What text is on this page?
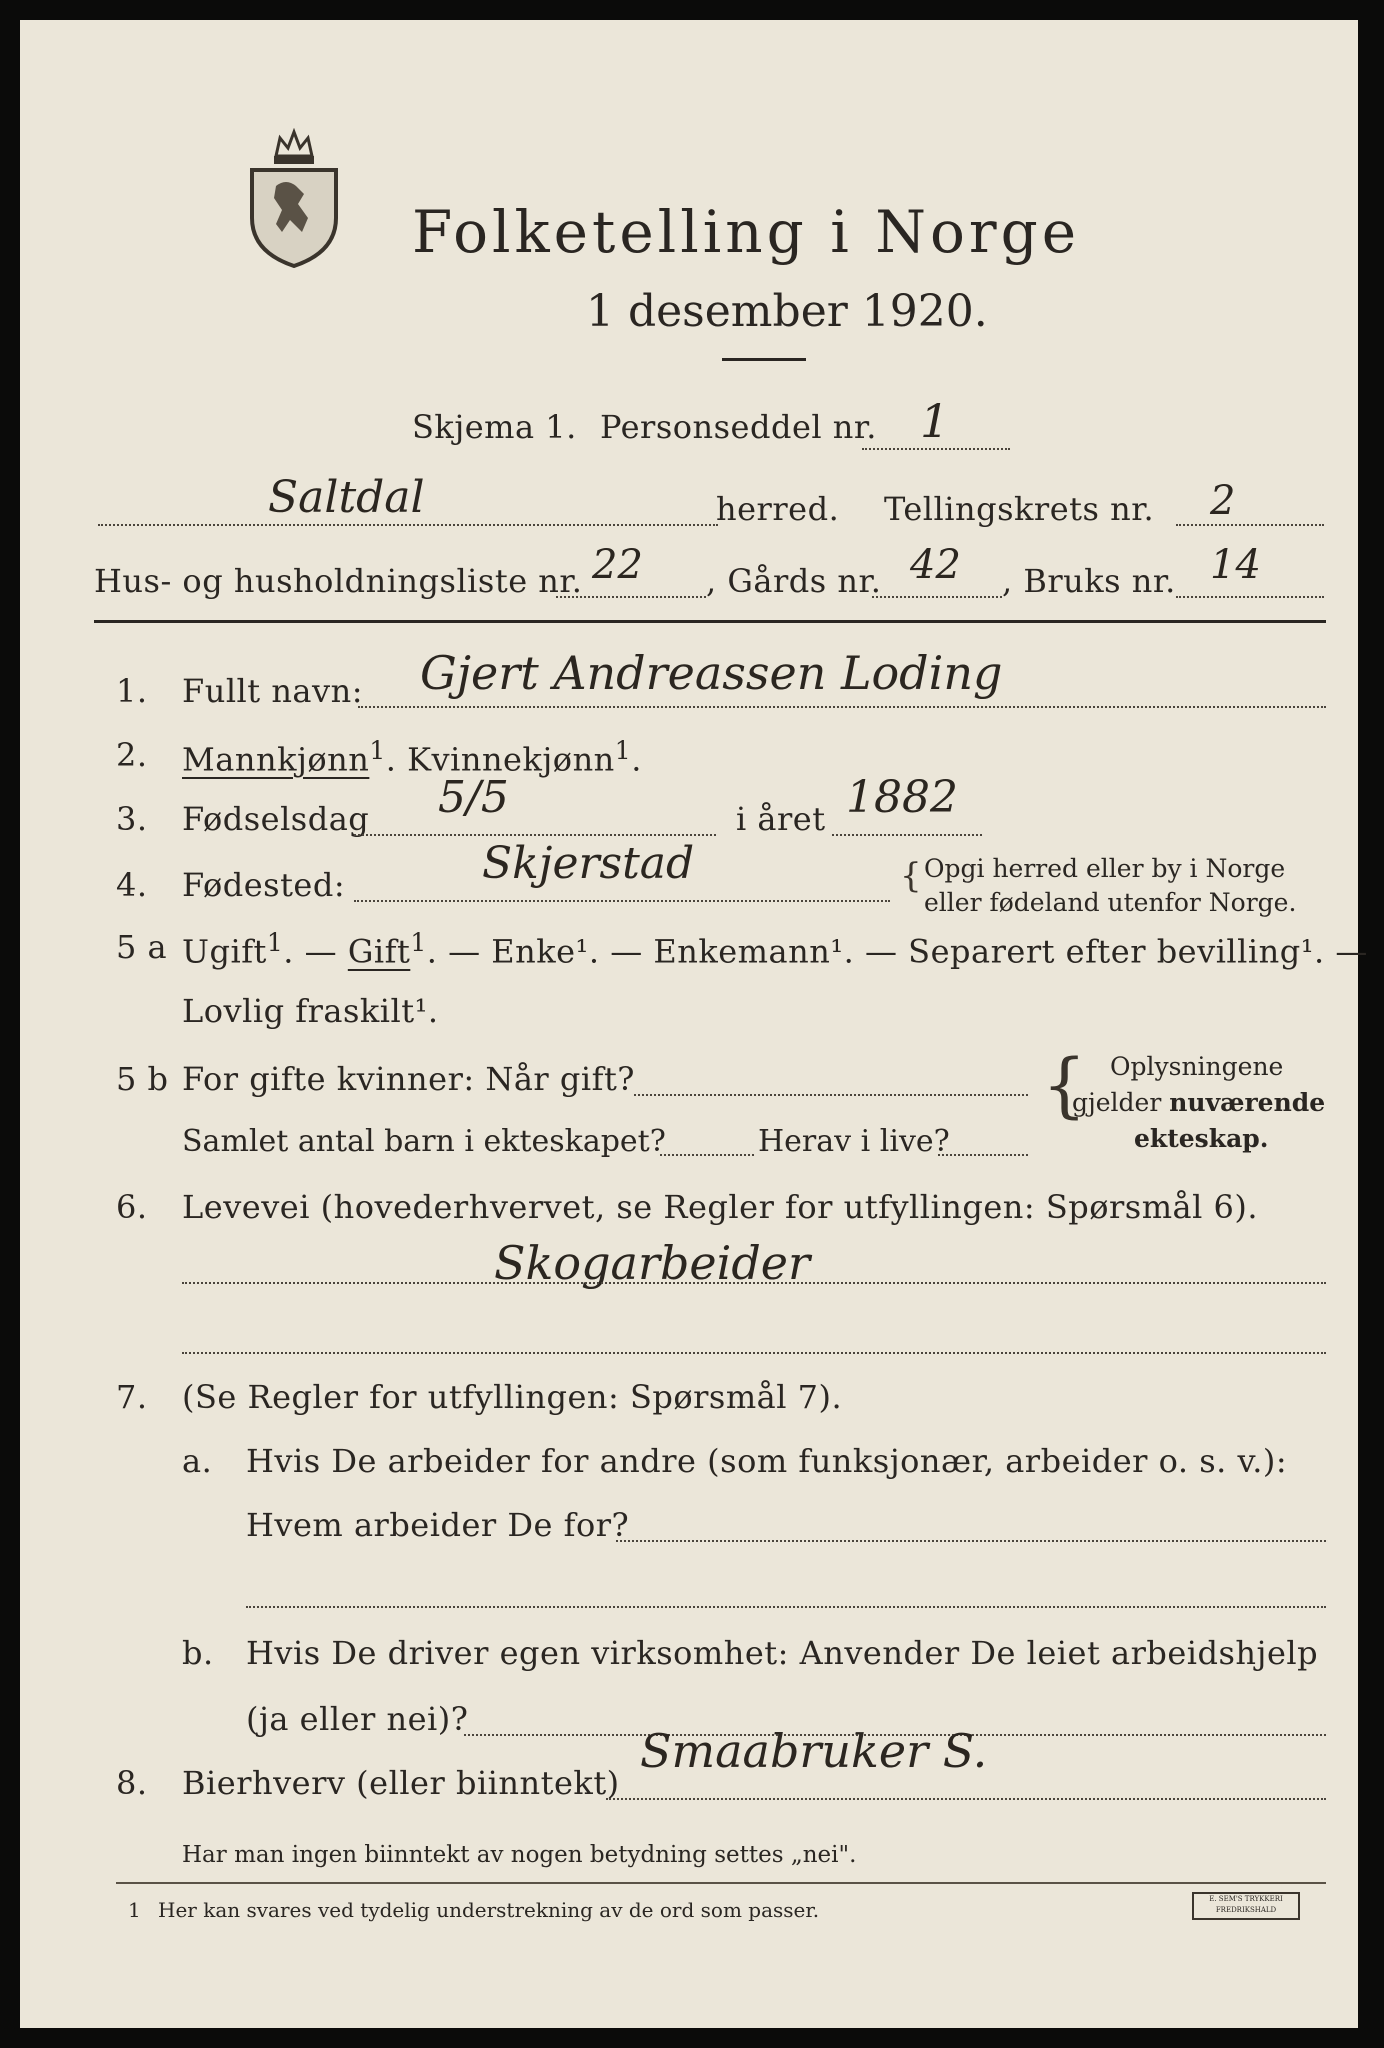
Folketelling i Norge
1 desember 1920.
Skjema 1. Personseddel nr. 1
Saltdal	herred. Tellingskrets nr. 2
Hus- og husholdningsliste nr. 22 , Gårds nr. 42 , Bruks nr. 14
1. Fullt navn: Gjert Andreassen Loding
2. Mannkjønn$^1$. Kvinnekjønn$^1$.
3. Fødselsdag 5/5	i året 1882
4. Fødested:	Skjerstad	{ Opgi herred eller by i Norge
eller fødeland utenfor Norge.
5 a Ugift$^1$. — Gift$^1$. — Enke¹. — Enkemann¹. — Separert efter bevilling¹. —
Lovlig fraskilt¹.
5 b For gifte kvinner: Når gift?
Samlet antal barn i ekteskapet?	Herav i live?
{ Oplysningene
gjelder nuværende
ekteskap.
6. Levevei (hovederhvervet, se Regler for utfyllingen: Spørsmål 6).
Skogarbeider
7. (Se Regler for utfyllingen: Spørsmål 7).
a. Hvis De arbeider for andre (som funksjonær, arbeider o. s. v.):
Hvem arbeider De for?
b. Hvis De driver egen virksomhet: Anvender De leiet arbeidshjelp
(ja eller nei)?
8. Bierhverv (eller biinntekt)
Smaabruker S.
Har man ingen biinntekt av nogen betydning settes „nei".
1 Her kan svares ved tydelig understrekning av de ord som passer.	E. SEM'S TRYKKERI FREDRIKSHALD
